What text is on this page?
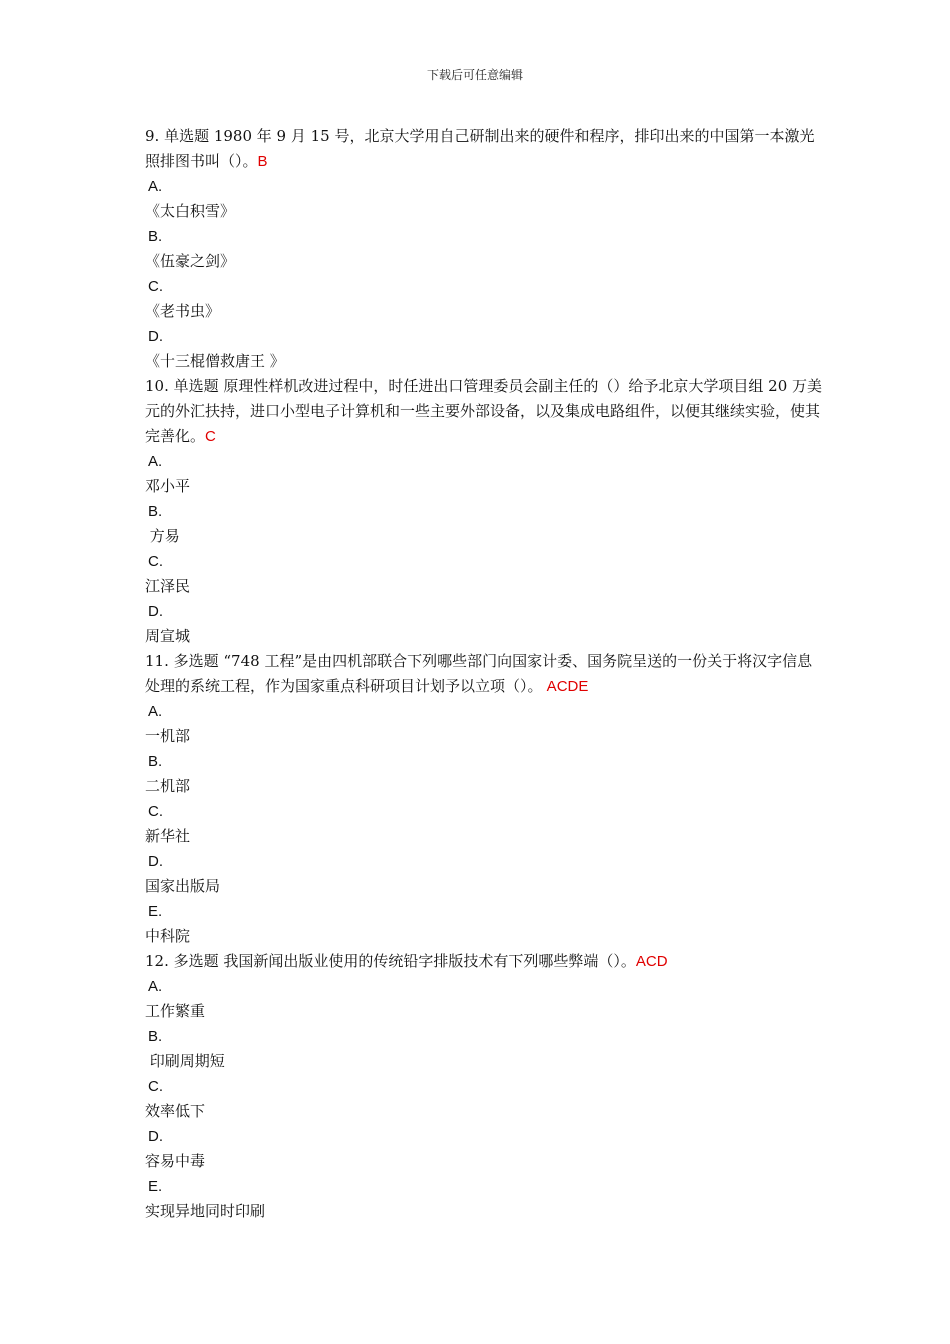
下载后可任意编辑

9. 单选题 1980 年 9 月 15 号，北京大学用自己研制出来的硬件和程序，排印出来的中国第一本激光照排图书叫（）。B

A.

《太白积雪》

B.

《伍豪之剑》

C.

《老书虫》

D.

《十三棍僧救唐王 》

10. 单选题 原理性样机改进过程中，时任进出口管理委员会副主任的（）给予北京大学项目组 20 万美元的外汇扶持，进口小型电子计算机和一些主要外部设备，以及集成电路组件，以便其继续实验，使其完善化。C

A.

邓小平

B.

方易

C.

江泽民

D.

周宣城

11. 多选题 “748 工程”是由四机部联合下列哪些部门向国家计委、国务院呈送的一份关于将汉字信息处理的系统工程，作为国家重点科研项目计划予以立项（）。 ACDE

A.

一机部

B.

二机部

C.

新华社

D.

国家出版局

E.

中科院

12. 多选题 我国新闻出版业使用的传统铅字排版技术有下列哪些弊端（）。ACD

A.

工作繁重

B.

印刷周期短

C.

效率低下

D.

容易中毒

E.

实现异地同时印刷
